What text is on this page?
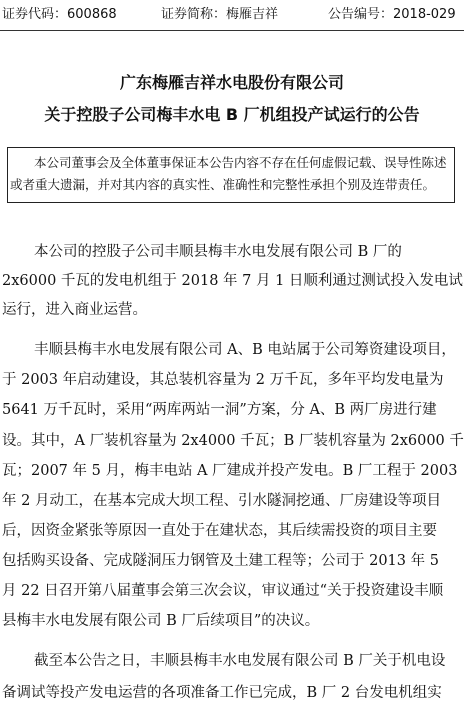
证券代码：600868	证券简称：梅雁吉祥	公告编号：2018-029
广东梅雁吉祥水电股份有限公司
关于控股子公司梅丰水电 B 厂机组投产试运行的公告
本公司董事会及全体董事保证本公告内容不存在任何虚假记载、误导性陈述
或者重大遗漏，并对其内容的真实性、准确性和完整性承担个别及连带责任。
本公司的控股子公司丰顺县梅丰水电发展有限公司 B 厂的
2x6000 千瓦的发电机组于 2018 年 7 月 1 日顺利通过测试投入发电试
运行，进入商业运营。
丰顺县梅丰水电发展有限公司 A、B 电站属于公司筹资建设项目，
于 2003 年启动建设，其总装机容量为 2 万千瓦，多年平均发电量为
5641 万千瓦时，采用“两库两站一洞”方案，分 A、B 两厂房进行建
设。其中，A 厂装机容量为 2x4000 千瓦；B 厂装机容量为 2x6000 千
瓦；2007 年 5 月，梅丰电站 A 厂建成并投产发电。B 厂工程于 2003
年 2 月动工，在基本完成大坝工程、引水隧洞挖通、厂房建设等项目
后，因资金紧张等原因一直处于在建状态，其后续需投资的项目主要
包括购买设备、完成隧洞压力钢管及土建工程等；公司于 2013 年 5
月 22 日召开第八届董事会第三次会议，审议通过“关于投资建设丰顺
县梅丰水电发展有限公司 B 厂后续项目”的决议。
截至本公告之日，丰顺县梅丰水电发展有限公司 B 厂关于机电设
备调试等投产发电运营的各项准备工作已完成，B 厂 2 台发电机组实
